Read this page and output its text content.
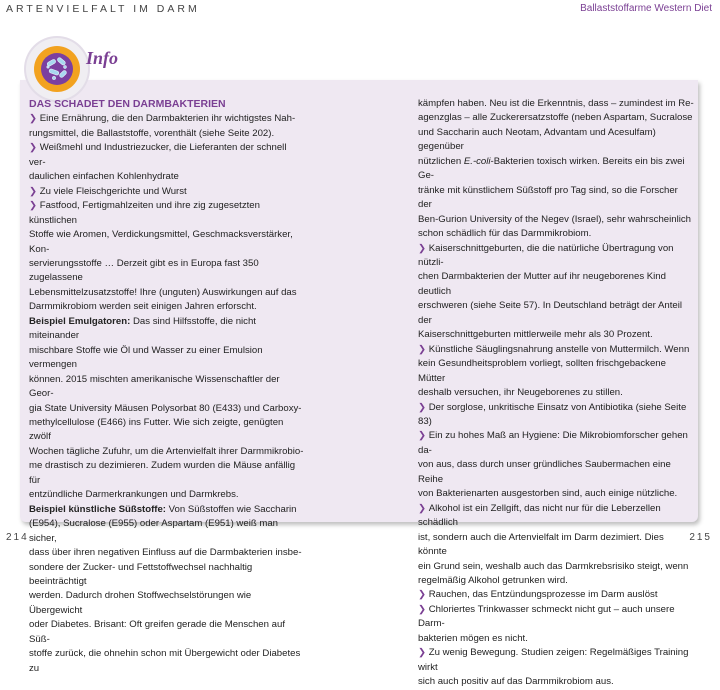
ARTENVIELFALT IM DARM	Ballaststoffarme Western Diet
Info

DAS SCHADET DEN DARMBAKTERIEN

❯ Eine Ernährung, die den Darmbakterien ihr wichtigstes Nah-

rungsmittel, die Ballaststoffe, vorenthält (siehe Seite 202).

❯ Weißmehl und Industriezucker, die Lieferanten der schnell ver-

daulichen einfachen Kohlenhydrate

❯ Zu viele Fleischgerichte und Wurst

❯ Fastfood, Fertigmahlzeiten und ihre zig zugesetzten künstlichen

Stoffe wie Aromen, Verdickungsmittel, Geschmacksverstärker, Kon-

servierungsstoffe … Derzeit gibt es in Europa fast 350 zugelassene

Lebensmittelzusatzstoffe! Ihre (unguten) Auswirkungen auf das

Darmmikrobiom werden seit einigen Jahren erforscht.

Beispiel Emulgatoren: Das sind Hilfsstoffe, die nicht miteinander

mischbare Stoffe wie Öl und Wasser zu einer Emulsion vermengen

können. 2015 mischten amerikanische Wissenschaftler der Geor-

gia State University Mäusen Polysorbat 80 (E433) und Carboxy-

methylcellulose (E466) ins Futter. Wie sich zeigte, genügten zwölf

Wochen tägliche Zufuhr, um die Artenvielfalt ihrer Darmmikrobio-

me drastisch zu dezimieren. Zudem wurden die Mäuse anfällig für

entzündliche Darmerkrankungen und Darmkrebs.

Beispiel künstliche Süßstoffe: Von Süßstoffen wie Saccharin

(E954), Sucralose (E955) oder Aspartam (E951) weiß man sicher,

dass über ihren negativen Einfluss auf die Darmbakterien insbe-

sondere der Zucker- und Fettstoffwechsel nachhaltig beeinträchtigt

werden. Dadurch drohen Stoffwechselstörungen wie Übergewicht

oder Diabetes. Brisant: Oft greifen gerade die Menschen auf Süß-

stoffe zurück, die ohnehin schon mit Übergewicht oder Diabetes zu

kämpfen haben. Neu ist die Erkenntnis, dass – zumindest im Re-

agenzglas – alle Zuckerersatzstoffe (neben Aspartam, Sucralose

und Saccharin auch Neotam, Advantam und Acesulfam) gegenüber

nützlichen E.-coli-Bakterien toxisch wirken. Bereits ein bis zwei Ge-

tränke mit künstlichem Süßstoff pro Tag sind, so die Forscher der

Ben-Gurion University of the Negev (Israel), sehr wahrscheinlich

schon schädlich für das Darmmikrobiom.

❯ Kaiserschnittgeburten, die die natürliche Übertragung von nützli-

chen Darmbakterien der Mutter auf ihr neugeborenes Kind deutlich

erschweren (siehe Seite 57). In Deutschland beträgt der Anteil der

Kaiserschnittgeburten mittlerweile mehr als 30 Prozent.

❯ Künstliche Säuglingsnahrung anstelle von Muttermilch. Wenn

kein Gesundheitsproblem vorliegt, sollten frischgebackene Mütter

deshalb versuchen, ihr Neugeborenes zu stillen.

❯ Der sorglose, unkritische Einsatz von Antibiotika (siehe Seite 83)

❯ Ein zu hohes Maß an Hygiene: Die Mikrobiomforscher gehen da-

von aus, dass durch unser gründliches Saubermachen eine Reihe

von Bakterienarten ausgestorben sind, auch einige nützliche.

❯ Alkohol ist ein Zellgift, das nicht nur für die Leberzellen schädlich

ist, sondern auch die Artenvielfalt im Darm dezimiert. Dies könnte

ein Grund sein, weshalb auch das Darmkrebsrisiko steigt, wenn

regelmäßig Alkohol getrunken wird.

❯ Rauchen, das Entzündungsprozesse im Darm auslöst

❯ Chloriertes Trinkwasser schmeckt nicht gut – auch unsere Darm-

bakterien mögen es nicht.

❯ Zu wenig Bewegung. Studien zeigen: Regelmäßiges Training wirkt

sich auch positiv auf das Darmmikrobiom aus.

214	215
